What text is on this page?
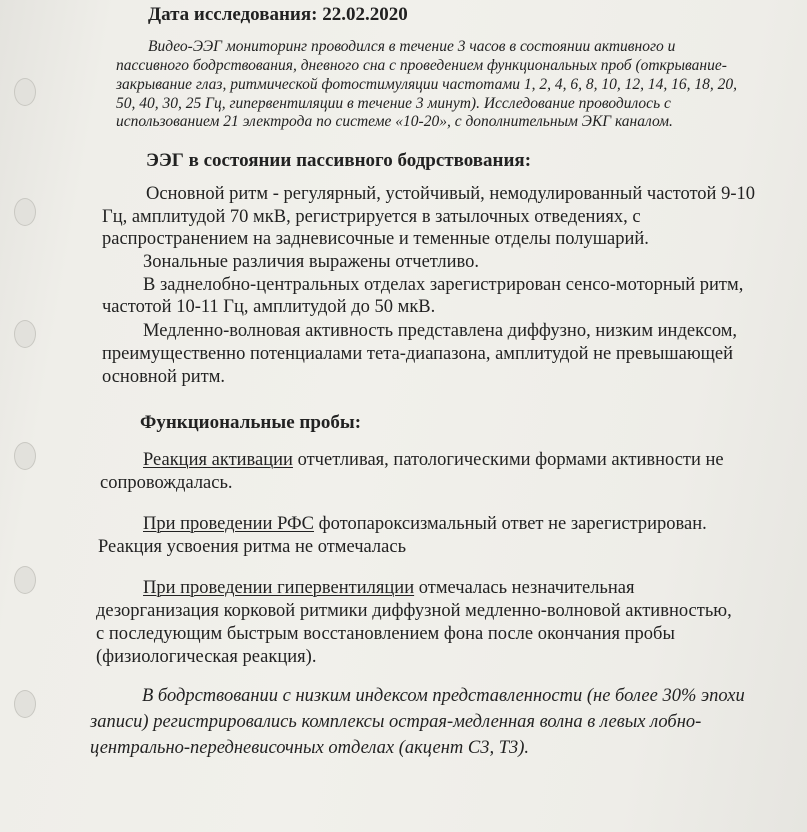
Дата исследования: 22.02.2020
Видео-ЭЭГ мониторинг проводился в течение 3 часов в состоянии активного и
пассивного бодрствования, дневного сна с проведением функциональных проб (открывание-
закрывание глаз, ритмической фотостимуляции частотами 1, 2, 4, 6, 8, 10, 12, 14, 16, 18, 20,
50, 40, 30, 25 Гц, гипервентиляции в течение 3 минут). Исследование проводилось с
использованием 21 электрода по системе «10-20», с дополнительным ЭКГ каналом.
ЭЭГ в состоянии пассивного бодрствования:
Основной ритм - регулярный, устойчивый, немодулированный частотой 9-10
Гц, амплитудой 70 мкВ, регистрируется в затылочных отведениях, с
распространением на задневисочные и теменные отделы полушарий.
Зональные различия выражены отчетливо.
В заднелобно-центральных отделах зарегистрирован сенсо-моторный ритм,
частотой 10-11 Гц, амплитудой до 50 мкВ.
Медленно-волновая активность представлена диффузно, низким индексом,
преимущественно потенциалами тета-диапазона, амплитудой не превышающей
основной ритм.
Функциональные пробы:
Реакция активации отчетливая, патологическими формами активности не
сопровождалась.
При проведении РФС фотопароксизмальный ответ не зарегистрирован.
Реакция усвоения ритма не отмечалась
При проведении гипервентиляции отмечалась незначительная
дезорганизация корковой ритмики диффузной медленно-волновой активностью,
с последующим быстрым восстановлением фона после окончания пробы
(физиологическая реакция).
В бодрствовании с низким индексом представленности (не более 30% эпохи
записи) регистрировались комплексы острая-медленная волна в левых лобно-
центрально-передневисочных отделах (акцент С3, Т3).
